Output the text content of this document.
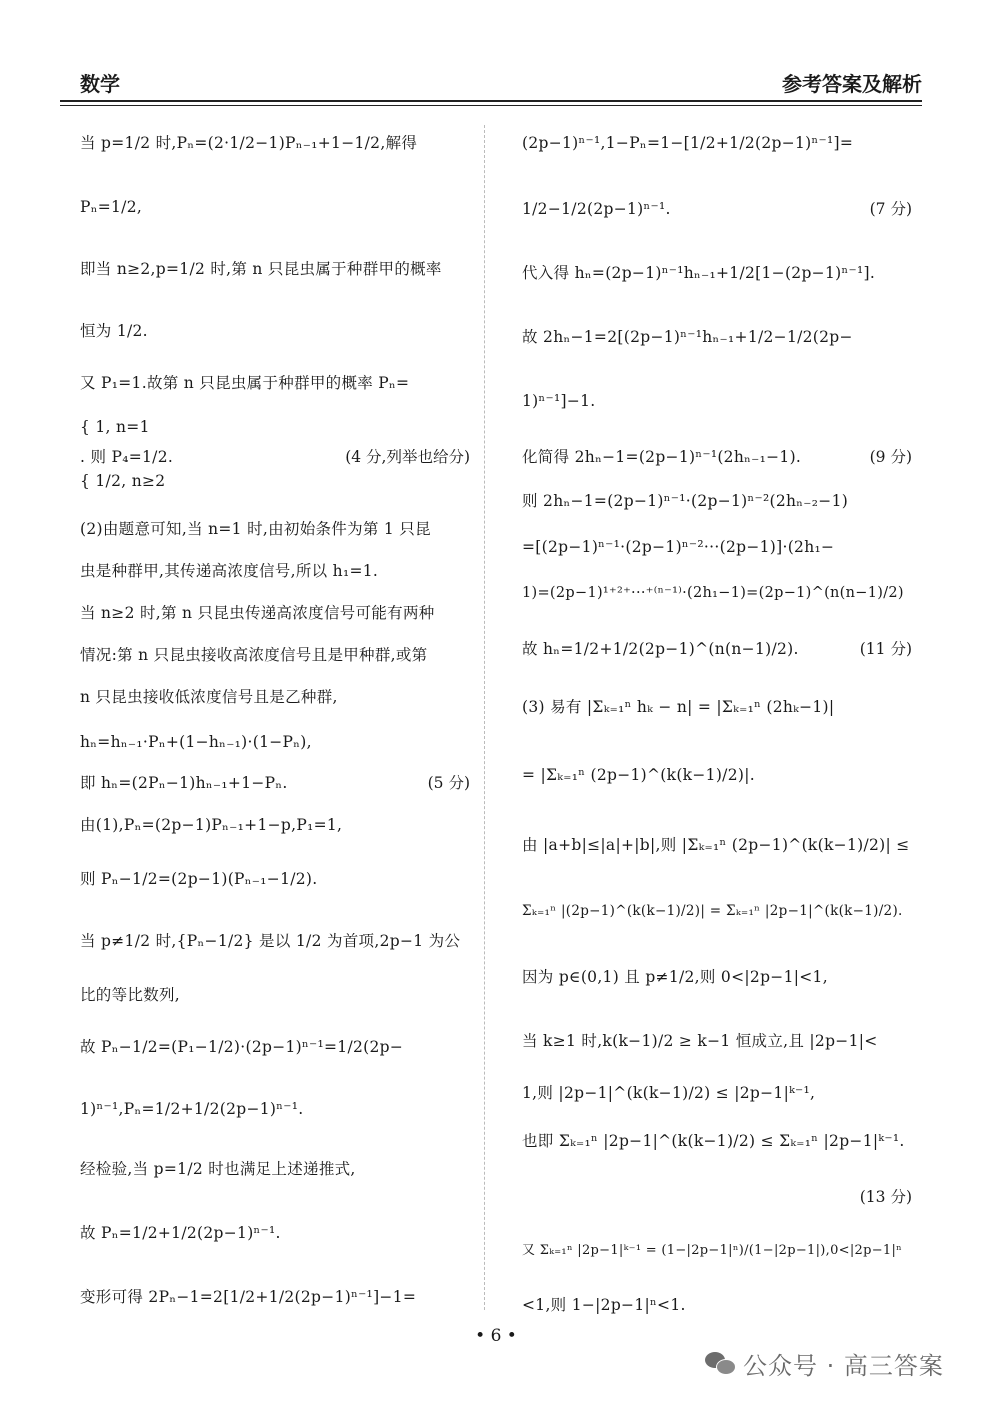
数学	参考答案及解析
当 p=1/2 时,Pₙ=(2·1/2−1)Pₙ₋₁+1−1/2,解得
Pₙ=1/2,
即当 n≥2,p=1/2 时,第 n 只昆虫属于种群甲的概率
恒为 1/2.
又 P₁=1.故第 n 只昆虫属于种群甲的概率 Pₙ=
{ 1, n=1
. 则 P₄=1/2.
{ 1/2, n≥2
(2)由题意可知,当 n=1 时,由初始条件为第 1 只昆
虫是种群甲,其传递高浓度信号,所以 h₁=1.
当 n≥2 时,第 n 只昆虫传递高浓度信号可能有两种
情况:第 n 只昆虫接收高浓度信号且是甲种群,或第
n 只昆虫接收低浓度信号且是乙种群,
hₙ=hₙ₋₁·Pₙ+(1−hₙ₋₁)·(1−Pₙ),
即 hₙ=(2Pₙ−1)hₙ₋₁+1−Pₙ.
由(1),Pₙ=(2p−1)Pₙ₋₁+1−p,P₁=1,
则 Pₙ−1/2=(2p−1)(Pₙ₋₁−1/2).
当 p≠1/2 时,{Pₙ−1/2} 是以 1/2 为首项,2p−1 为公
比的等比数列,
故 Pₙ−1/2=(P₁−1/2)·(2p−1)ⁿ⁻¹=1/2(2p−
1)ⁿ⁻¹,Pₙ=1/2+1/2(2p−1)ⁿ⁻¹.
经检验,当 p=1/2 时也满足上述递推式,
故 Pₙ=1/2+1/2(2p−1)ⁿ⁻¹.
变形可得 2Pₙ−1=2[1/2+1/2(2p−1)ⁿ⁻¹]−1=
(4 分,列举也给分)
(5 分)
(2p−1)ⁿ⁻¹,1−Pₙ=1−[1/2+1/2(2p−1)ⁿ⁻¹]=
1/2−1/2(2p−1)ⁿ⁻¹.
代入得 hₙ=(2p−1)ⁿ⁻¹hₙ₋₁+1/2[1−(2p−1)ⁿ⁻¹].
故 2hₙ−1=2[(2p−1)ⁿ⁻¹hₙ₋₁+1/2−1/2(2p−
1)ⁿ⁻¹]−1.
化简得 2hₙ−1=(2p−1)ⁿ⁻¹(2hₙ₋₁−1).
则 2hₙ−1=(2p−1)ⁿ⁻¹·(2p−1)ⁿ⁻²(2hₙ₋₂−1)
=[(2p−1)ⁿ⁻¹·(2p−1)ⁿ⁻²···(2p−1)]·(2h₁−
1)=(2p−1)¹⁺²⁺···⁺⁽ⁿ⁻¹⁾·(2h₁−1)=(2p−1)^(n(n−1)/2)
故 hₙ=1/2+1/2(2p−1)^(n(n−1)/2).
(3) 易有 |Σₖ₌₁ⁿ hₖ − n| = |Σₖ₌₁ⁿ (2hₖ−1)|
= |Σₖ₌₁ⁿ (2p−1)^(k(k−1)/2)|.
由 |a+b|≤|a|+|b|,则 |Σₖ₌₁ⁿ (2p−1)^(k(k−1)/2)| ≤
Σₖ₌₁ⁿ |(2p−1)^(k(k−1)/2)| = Σₖ₌₁ⁿ |2p−1|^(k(k−1)/2).
因为 p∈(0,1) 且 p≠1/2,则 0<|2p−1|<1,
当 k≥1 时,k(k−1)/2 ≥ k−1 恒成立,且 |2p−1|<
1,则 |2p−1|^(k(k−1)/2) ≤ |2p−1|ᵏ⁻¹,
也即 Σₖ₌₁ⁿ |2p−1|^(k(k−1)/2) ≤ Σₖ₌₁ⁿ |2p−1|ᵏ⁻¹.
又 Σₖ₌₁ⁿ |2p−1|ᵏ⁻¹ = (1−|2p−1|ⁿ)/(1−|2p−1|),0<|2p−1|ⁿ
<1,则 1−|2p−1|ⁿ<1.
(7 分)
(9 分)
(11 分)
(13 分)
• 6 •
公众号 · 高三答案
